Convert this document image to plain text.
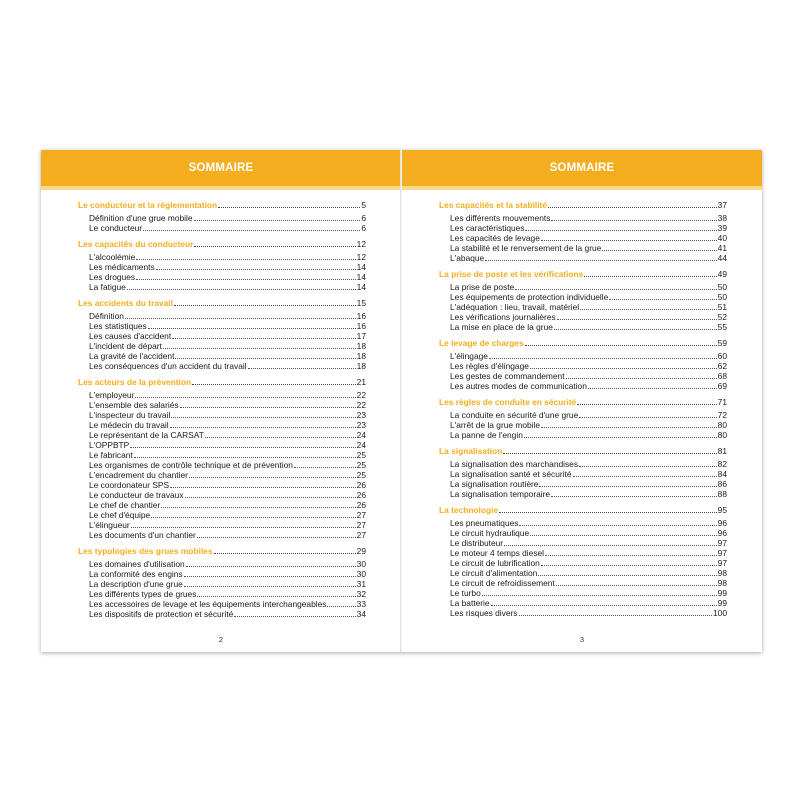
SOMMAIRE
Le conducteur et la réglementation	5
Définition d'une grue mobile	6
Le conducteur	6
Les capacités du conducteur	12
L'alcoolémie	12
Les médicaments	14
Les drogues	14
La fatigue	14
Les accidents du travail	15
Définition	16
Les statistiques	16
Les causes d'accident	17
L'incident de départ	18
La gravité de l'accident	18
Les conséquences d'un accident du travail	18
Les acteurs de la prévention	21
L'employeur	22
L'ensemble des salariés	22
L'inspecteur du travail	23
Le médecin du travail	23
Le représentant de la CARSAT	24
L'OPPBTP	24
Le fabricant	25
Les organismes de contrôle technique et de prévention	25
L'encadrement du chantier	25
Le coordonateur SPS	26
Le conducteur de travaux	26
Le chef de chantier	26
Le chef d'équipe	27
L'élingueur	27
Les documents d'un chantier	27
Les typologies des grues mobiles	29
Les domaines d'utilisation	30
La conformité des engins	30
La description d'une grue	31
Les différents types de grues	32
Les accessoires de levage et les équipements interchangeables	33
Les dispositifs de protection et sécurité	34
2
SOMMAIRE
Les capacités et la stabilité	37
Les différents mouvements	38
Les caractéristiques	39
Les capacités de levage	40
La stabilité et le renversement de la grue	41
L'abaque	44
La prise de poste et les vérifications	49
La prise de poste	50
Les équipements de protection individuelle	50
L'adéquation : lieu, travail, matériel	51
Les vérifications journalières	52
La mise en place de la grue	55
Le levage de charges	59
L'élingage	60
Les règles d'élingage	62
Les gestes de commandement	68
Les autres modes de communication	69
Les règles de conduite en sécurité	71
La conduite en sécurité d'une grue	72
L'arrêt de la grue mobile	80
La panne de l'engin	80
La signalisation	81
La signalisation des marchandises	82
La signalisation santé et sécurité	84
La signalisation routière	86
La signalisation temporaire	88
La technologie	95
Les pneumatiques	96
Le circuit hydraulique	96
Le distributeur	97
Le moteur 4 temps diesel	97
Le circuit de lubrification	97
Le circuit d'alimentation	98
Le circuit de refroidissement	98
Le turbo	99
La batterie	99
Les risques divers	100
3
